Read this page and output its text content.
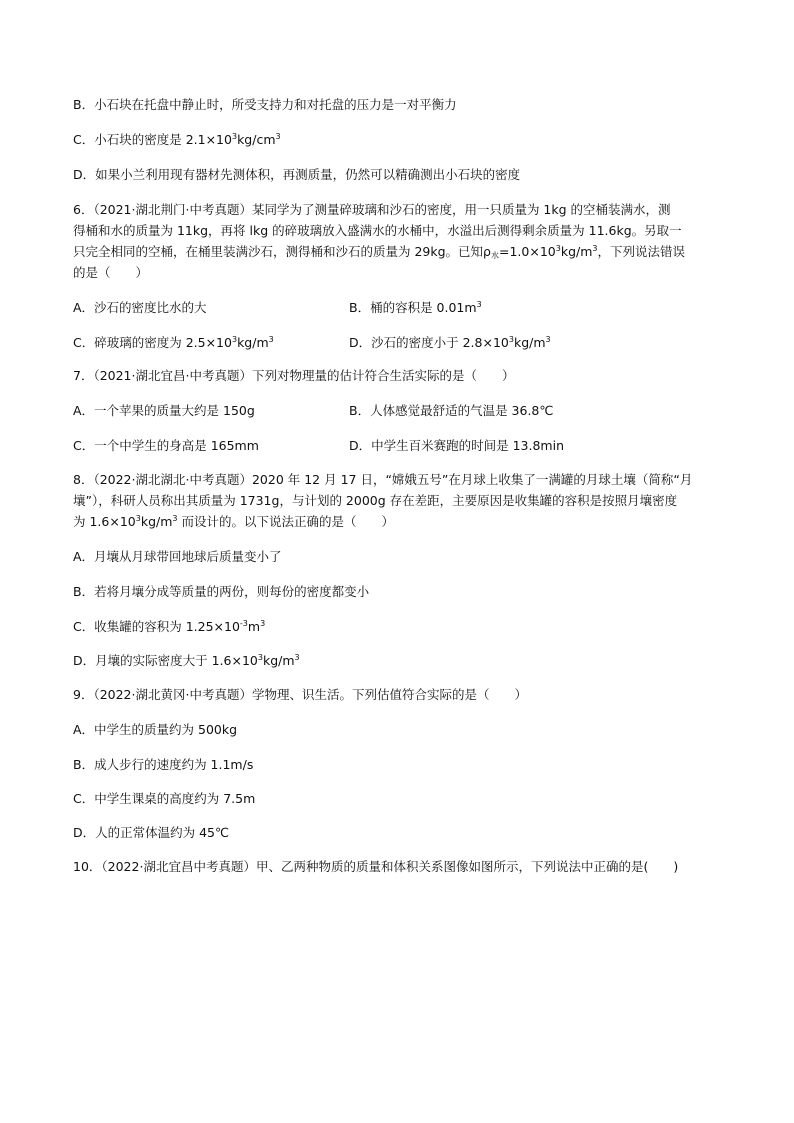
B．小石块在托盘中静止时，所受支持力和对托盘的压力是一对平衡力
C．小石块的密度是 $2.1\times 10^3kg/cm^3$
D．如果小兰利用现有器材先测体积，再测质量，仍然可以精确测出小石块的密度
6．（2021·湖北荆门·中考真题）某同学为了测量碎玻璃和沙石的密度，用一只质量为 1kg 的空桶装满水，测
得桶和水的质量为 11kg，再将 lkg 的碎玻璃放入盛满水的水桶中，水溢出后测得剩余质量为 11.6kg。另取一
只完全相同的空桶，在桶里装满沙石，测得桶和沙石的质量为 29kg。已知$\rho_水=1.0\times 10^3kg/m^3$，下列说法错误
的是（　　）
A．沙石的密度比水的大	B．桶的容积是 $0.01m^3$
C．碎玻璃的密度为 $2.5\times 10^3kg/m^3$	D．沙石的密度小于 $2.8\times 10^3kg/m^3$
7．（2021·湖北宜昌·中考真题）下列对物理量的估计符合生活实际的是（　　）
A．一个苹果的质量大约是 150g	B．人体感觉最舒适的气温是 36.8℃
C．一个中学生的身高是 165mm	D．中学生百米赛跑的时间是 13.8min
8．（2022·湖北湖北·中考真题）2020 年 12 月 17 日，“嫦娥五号”在月球上收集了一满罐的月球土壤（简称“月
壤”），科研人员称出其质量为 1731g，与计划的 2000g 存在差距，主要原因是收集罐的容积是按照月壤密度
为 $1.6\times 10^3kg/m^3$ 而设计的。以下说法正确的是（　　）
A．月壤从月球带回地球后质量变小了
B．若将月壤分成等质量的两份，则每份的密度都变小
C．收集罐的容积为 $1.25\times 10^{-3}m^3$
D．月壤的实际密度大于 $1.6\times 10^3kg/m^3$
9．（2022·湖北黄冈·中考真题）学物理、识生活。下列估值符合实际的是（　　）
A．中学生的质量约为 500kg
B．成人步行的速度约为 1.1m/s
C．中学生课桌的高度约为 7.5m
D．人的正常体温约为 45℃
10．（2022·湖北宜昌中考真题）甲、乙两种物质的质量和体积关系图像如图所示，下列说法中正确的是(　　)
